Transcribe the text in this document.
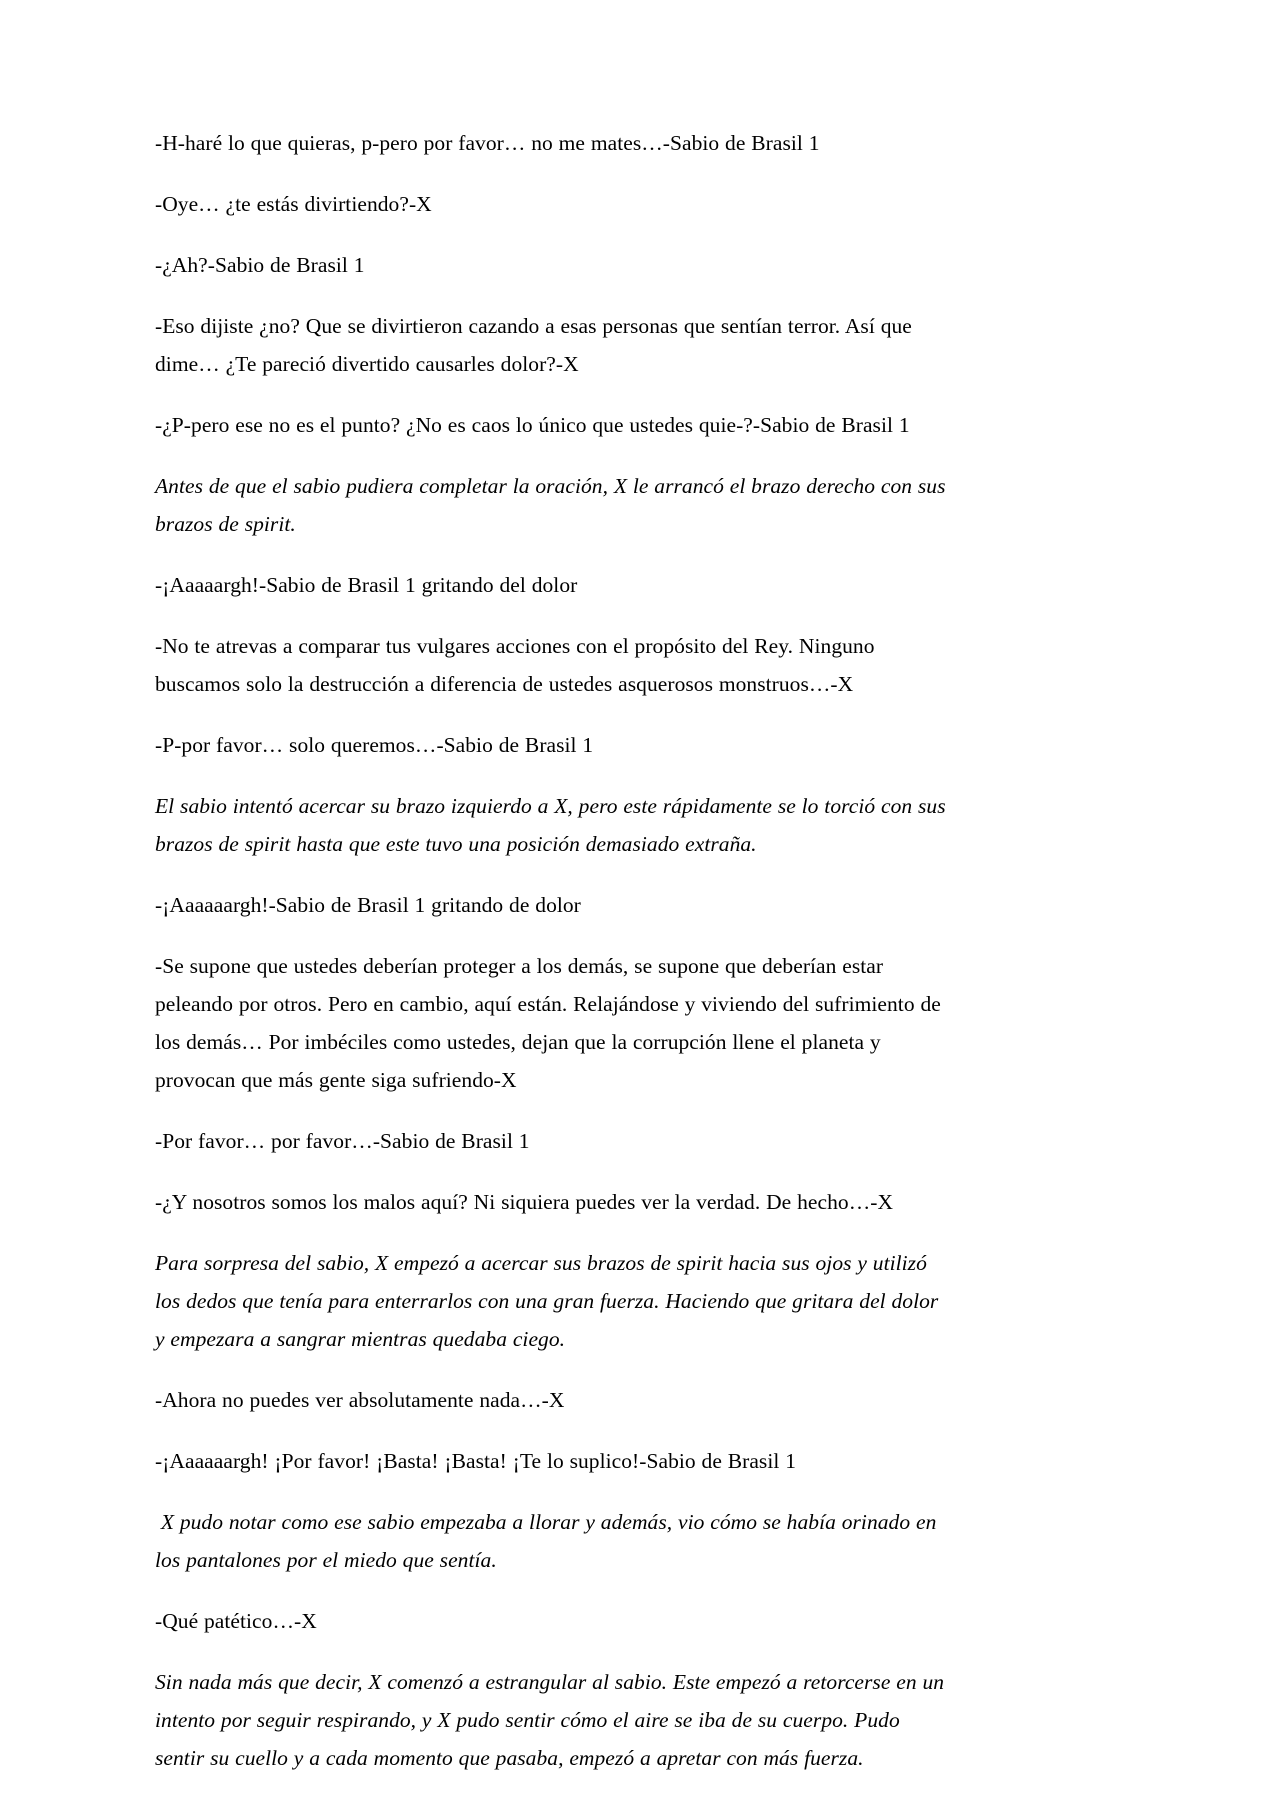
-H-haré lo que quieras, p-pero por favor… no me mates…-Sabio de Brasil 1

-Oye… ¿te estás divirtiendo?-X

-¿Ah?-Sabio de Brasil 1

-Eso dijiste ¿no? Que se divirtieron cazando a esas personas que sentían terror. Así que dime… ¿Te pareció divertido causarles dolor?-X

-¿P-pero ese no es el punto? ¿No es caos lo único que ustedes quie-?-Sabio de Brasil 1

Antes de que el sabio pudiera completar la oración, X le arrancó el brazo derecho con sus brazos de spirit.

-¡Aaaaargh!-Sabio de Brasil 1 gritando del dolor

-No te atrevas a comparar tus vulgares acciones con el propósito del Rey. Ninguno buscamos solo la destrucción a diferencia de ustedes asquerosos monstruos…-X

-P-por favor… solo queremos…-Sabio de Brasil 1

El sabio intentó acercar su brazo izquierdo a X, pero este rápidamente se lo torció con sus brazos de spirit hasta que este tuvo una posición demasiado extraña.

-¡Aaaaaargh!-Sabio de Brasil 1 gritando de dolor

-Se supone que ustedes deberían proteger a los demás, se supone que deberían estar peleando por otros. Pero en cambio, aquí están. Relajándose y viviendo del sufrimiento de los demás… Por imbéciles como ustedes, dejan que la corrupción llene el planeta y provocan que más gente siga sufriendo-X

-Por favor… por favor…-Sabio de Brasil 1

-¿Y nosotros somos los malos aquí? Ni siquiera puedes ver la verdad. De hecho…-X

Para sorpresa del sabio, X empezó a acercar sus brazos de spirit hacia sus ojos y utilizó los dedos que tenía para enterrarlos con una gran fuerza. Haciendo que gritara del dolor y empezara a sangrar mientras quedaba ciego.

-Ahora no puedes ver absolutamente nada…-X

-¡Aaaaaargh! ¡Por favor! ¡Basta! ¡Basta! ¡Te lo suplico!-Sabio de Brasil 1

X pudo notar como ese sabio empezaba a llorar y además, vio cómo se había orinado en los pantalones por el miedo que sentía.

-Qué patético…-X

Sin nada más que decir, X comenzó a estrangular al sabio. Este empezó a retorcerse en un intento por seguir respirando, y X pudo sentir cómo el aire se iba de su cuerpo. Pudo sentir su cuello y a cada momento que pasaba, empezó a apretar con más fuerza.
